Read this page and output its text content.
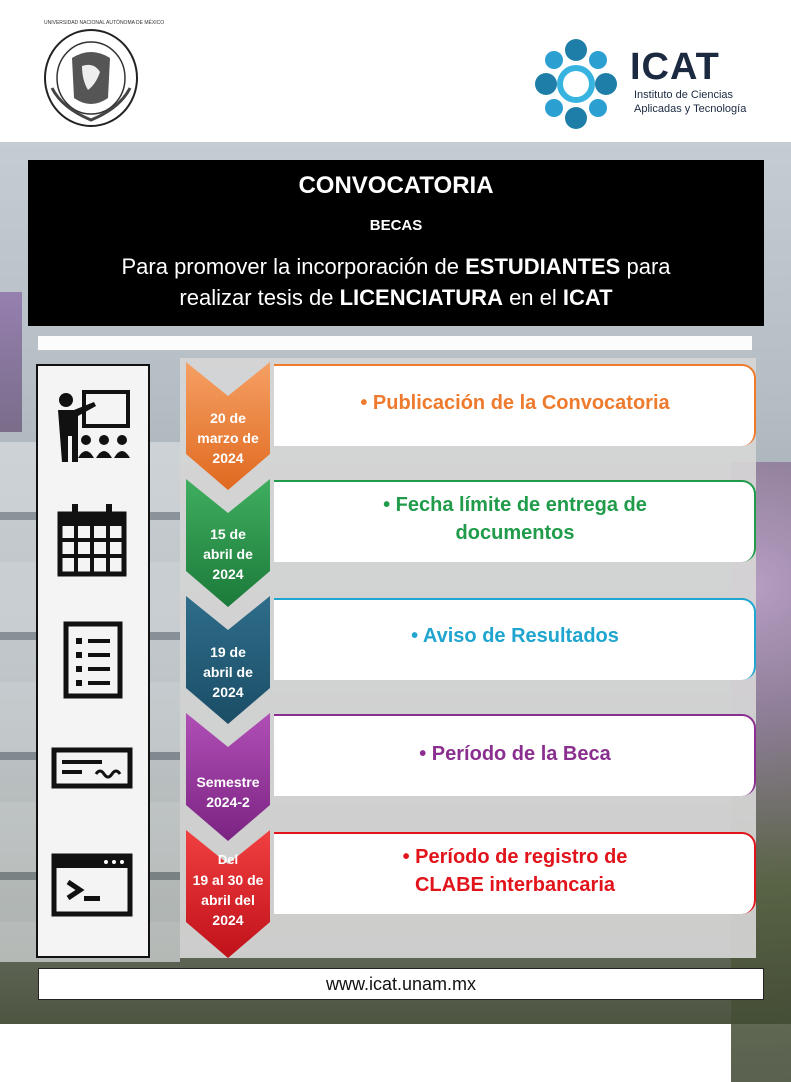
UNIVERSIDAD NACIONAL AUTÓNOMA DE MÉXICO
ICAT
Instituto de Ciencias
Aplicadas y Tecnología
CONVOCATORIA
BECAS
Para promover la incorporación de ESTUDIANTES para
realizar tesis de LICENCIATURA en el ICAT
20 de
marzo de
2024
• Publicación de la Convocatoria
15 de
abril de
2024
• Fecha límite de entrega de
documentos
19 de
abril de
2024
• Aviso de Resultados
Semestre
2024-2
• Período de la Beca
Del
19 al 30 de
abril del
2024
• Período de registro de
CLABE interbancaria
www.icat.unam.mx
